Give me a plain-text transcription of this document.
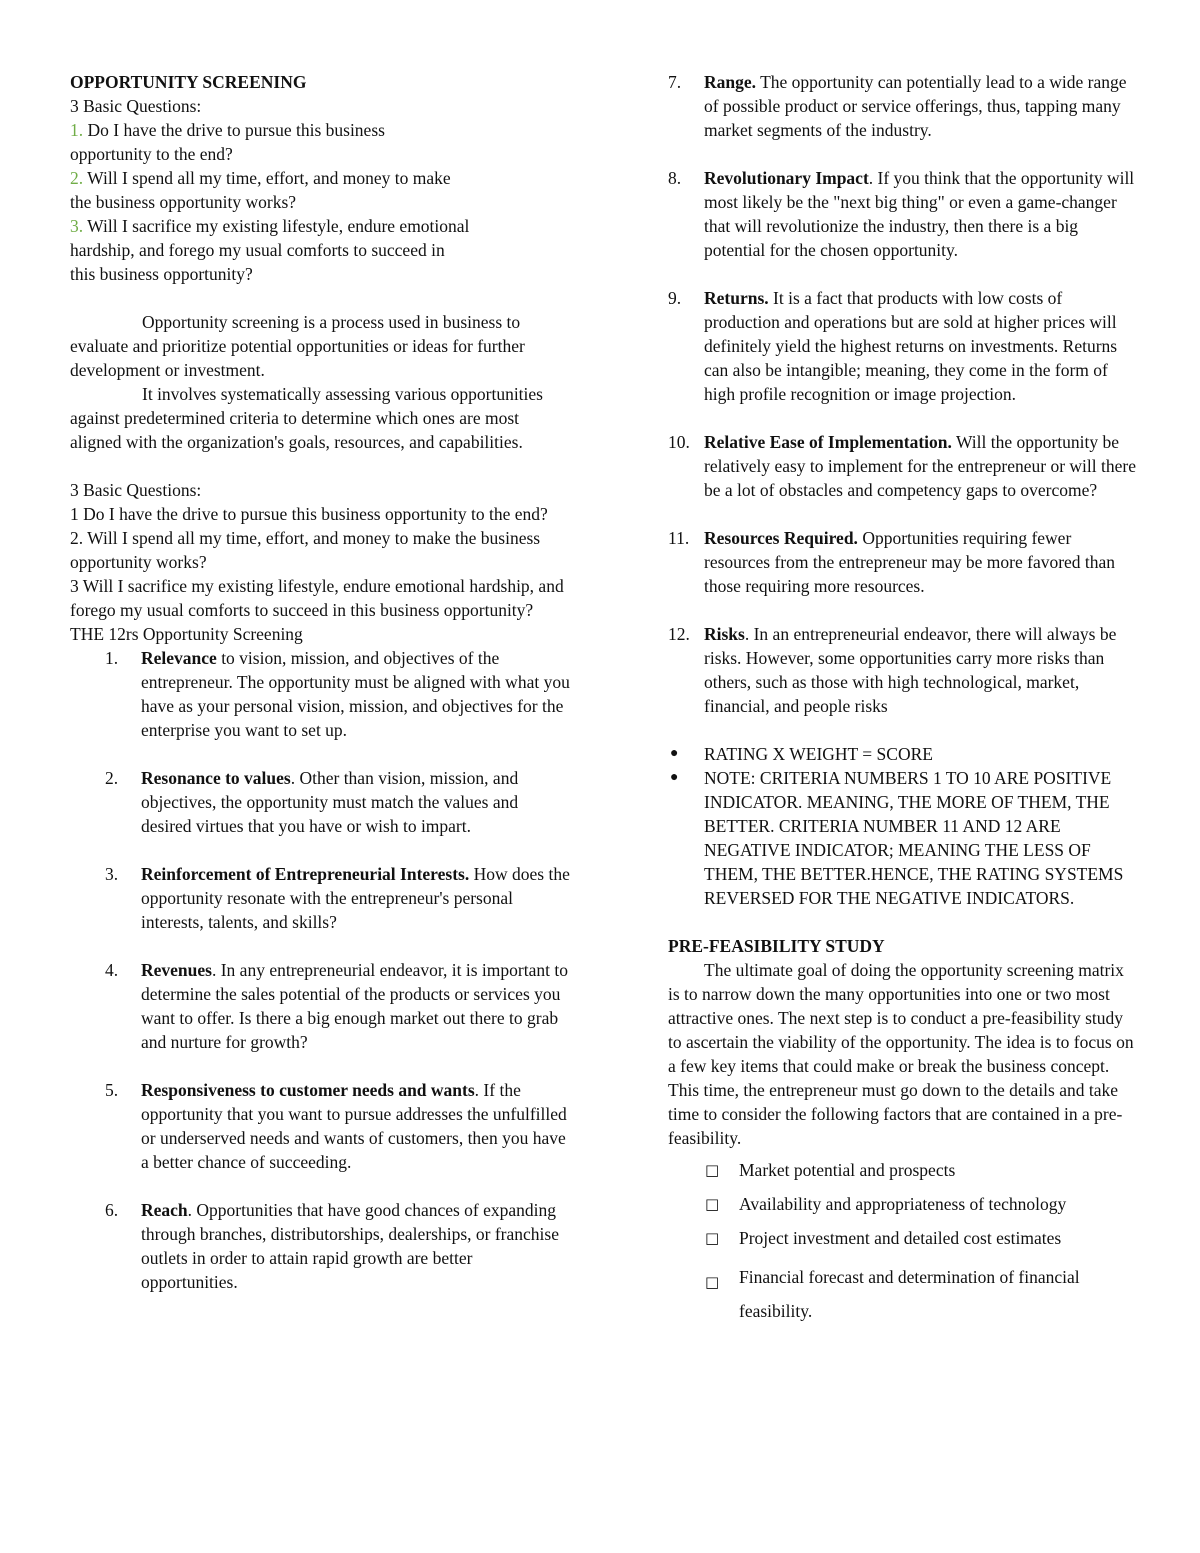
OPPORTUNITY SCREENING

3 Basic Questions:

1. Do I have the drive to pursue this business

opportunity to the end?

2. Will I spend all my time, effort, and money to make

the business opportunity works?

3. Will I sacrifice my existing lifestyle, endure emotional

hardship, and forego my usual comforts to succeed in

this business opportunity?

Opportunity screening is a process used in business to evaluate and prioritize potential opportunities or ideas for further development or investment.

It involves systematically assessing various opportunities against predetermined criteria to determine which ones are most aligned with the organization's goals, resources, and capabilities.

3 Basic Questions:

1 Do I have the drive to pursue this business opportunity to the end?

2. Will I spend all my time, effort, and money to make the business opportunity works?

3 Will I sacrifice my existing lifestyle, endure emotional hardship, and forego my usual comforts to succeed in this business opportunity?

THE 12rs Opportunity Screening

1. Relevance to vision, mission, and objectives of the entrepreneur. The opportunity must be aligned with what you have as your personal vision, mission, and objectives for the enterprise you want to set up.
2. Resonance to values. Other than vision, mission, and objectives, the opportunity must match the values and desired virtues that you have or wish to impart.
3. Reinforcement of Entrepreneurial Interests. How does the opportunity resonate with the entrepreneur's personal interests, talents, and skills?
4. Revenues. In any entrepreneurial endeavor, it is important to determine the sales potential of the products or services you want to offer. Is there a big enough market out there to grab and nurture for growth?
5. Responsiveness to customer needs and wants. If the opportunity that you want to pursue addresses the unfulfilled or underserved needs and wants of customers, then you have a better chance of succeeding.
6. Reach. Opportunities that have good chances of expanding through branches, distributorships, dealerships, or franchise outlets in order to attain rapid growth are better opportunities.
7. Range. The opportunity can potentially lead to a wide range of possible product or service offerings, thus, tapping many market segments of the industry.
8. Revolutionary Impact. If you think that the opportunity will most likely be the "next big thing" or even a game-changer that will revolutionize the industry, then there is a big potential for the chosen opportunity.
9. Returns. It is a fact that products with low costs of production and operations but are sold at higher prices will definitely yield the highest returns on investments. Returns can also be intangible; meaning, they come in the form of high profile recognition or image projection.
10. Relative Ease of Implementation. Will the opportunity be relatively easy to implement for the entrepreneur or will there be a lot of obstacles and competency gaps to overcome?
11. Resources Required. Opportunities requiring fewer resources from the entrepreneur may be more favored than those requiring more resources.
12. Risks. In an entrepreneurial endeavor, there will always be risks. However, some opportunities carry more risks than others, such as those with high technological, market, financial, and people risks
● RATING X WEIGHT = SCORE
● NOTE: CRITERIA NUMBERS 1 TO 10 ARE POSITIVE INDICATOR. MEANING, THE MORE OF THEM, THE BETTER. CRITERIA NUMBER 11 AND 12 ARE NEGATIVE INDICATOR; MEANING THE LESS OF THEM, THE BETTER.HENCE, THE RATING SYSTEMS REVERSED FOR THE NEGATIVE INDICATORS.

PRE-FEASIBILITY STUDY

The ultimate goal of doing the opportunity screening matrix is to narrow down the many opportunities into one or two most attractive ones. The next step is to conduct a pre-feasibility study to ascertain the viability of the opportunity. The idea is to focus on a few key items that could make or break the business concept. This time, the entrepreneur must go down to the details and take time to consider the following factors that are contained in a pre-feasibility.

□ Market potential and prospects
□ Availability and appropriateness of technology
□ Project investment and detailed cost estimates
□ Financial forecast and determination of financial feasibility.
